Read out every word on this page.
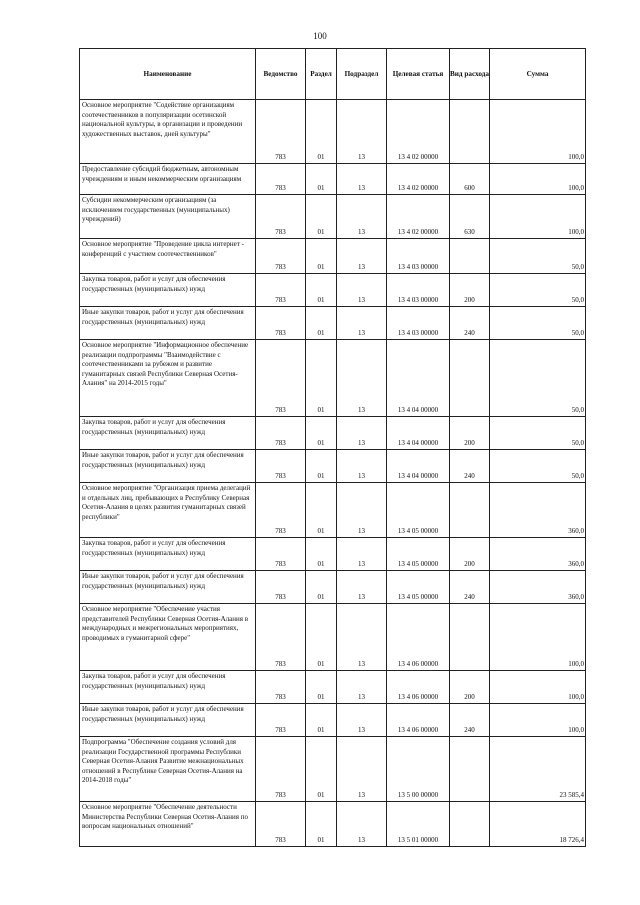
100
Наименование	Ведомство	Раздел	Подраздел	Целевая статья	Вид расхода	Сумма
Основное мероприятие "Содействие организациям соотечественников в популяризации осетинской национальной культуры, в организации и проведении художественных выставок, дней культуры"	783	01	13	13 4 02 00000		100,0
Предоставление субсидий бюджетным, автономным учреждениям и иным некоммерческим организациям	783	01	13	13 4 02 00000	600	100,0
Субсидии некоммерческим организациям (за исключением государственных (муниципальных) учреждений)	783	01	13	13 4 02 00000	630	100,0
Основное мероприятие "Проведение цикла интернет - конференций с участием соотечественников"	783	01	13	13 4 03 00000		50,0
Закупка товаров, работ и услуг для обеспечения государственных (муниципальных) нужд	783	01	13	13 4 03 00000	200	50,0
Иные закупки товаров, работ и услуг для обеспечения государственных (муниципальных) нужд	783	01	13	13 4 03 00000	240	50,0
Основное мероприятие "Информационное обеспечение реализации подпрограммы "Взаимодействие с соотечественниками за рубежом и развитие гуманитарных связей Республики Северная Осетия-Алания" на 2014-2015 годы"	783	01	13	13 4 04 00000		50,0
Закупка товаров, работ и услуг для обеспечения государственных (муниципальных) нужд	783	01	13	13 4 04 00000	200	50,0
Иные закупки товаров, работ и услуг для обеспечения государственных (муниципальных) нужд	783	01	13	13 4 04 00000	240	50,0
Основное мероприятие "Организация приема делегаций и отдельных лиц, пребывающих в Республику Северная Осетия-Алания в целях развития гуманитарных связей республики"	783	01	13	13 4 05 00000		360,0
Закупка товаров, работ и услуг для обеспечения государственных (муниципальных) нужд	783	01	13	13 4 05 00000	200	360,0
Иные закупки товаров, работ и услуг для обеспечения государственных (муниципальных) нужд	783	01	13	13 4 05 00000	240	360,0
Основное мероприятие "Обеспечение участия представителей Республики Северная Осетия-Алания в международных и межрегиональных мероприятиях, проводимых в гуманитарной сфере"	783	01	13	13 4 06 00000		100,0
Закупка товаров, работ и услуг для обеспечения государственных (муниципальных) нужд	783	01	13	13 4 06 00000	200	100,0
Иные закупки товаров, работ и услуг для обеспечения государственных (муниципальных) нужд	783	01	13	13 4 06 00000	240	100,0
Подпрограмма "Обеспечение создания условий для реализации Государственной программы Республики Северная Осетия-Алания Развитие межнациональных отношений в Республике Северная Осетия-Алания на 2014-2018 годы"	783	01	13	13 5 00 00000		23 585,4
Основное мероприятие "Обеспечение деятельности Министерства Республики Северная Осетия-Алания по вопросам национальных отношений"	783	01	13	13 5 01 00000		18 726,4
